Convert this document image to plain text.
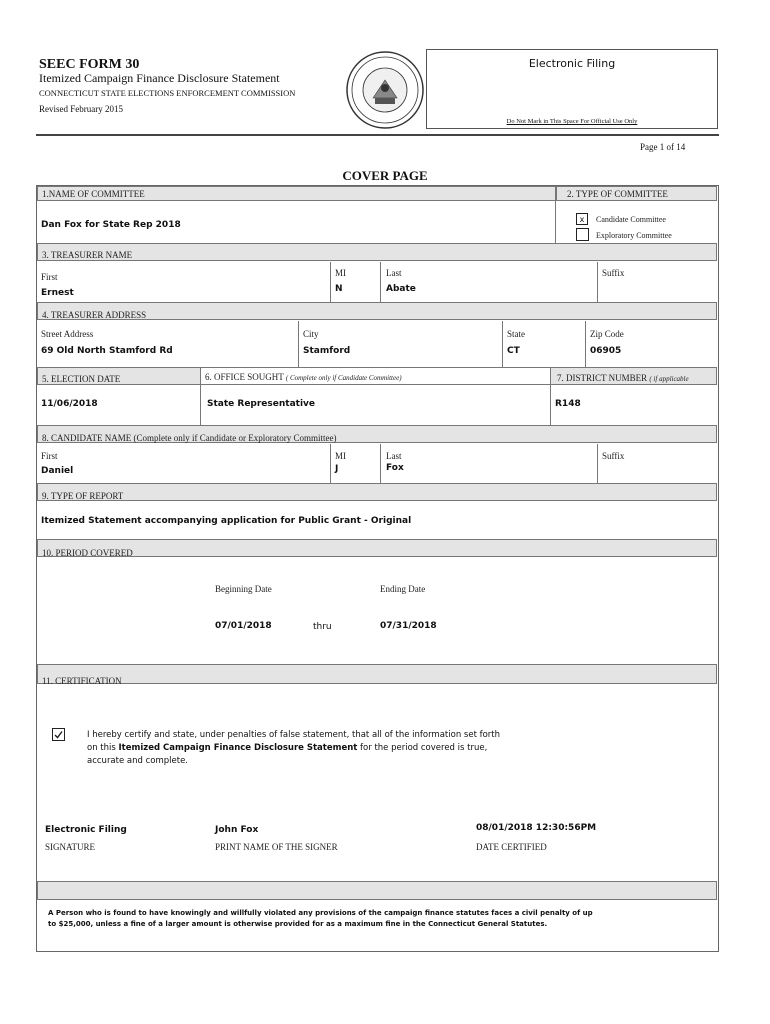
SEEC FORM 30
Itemized Campaign Finance Disclosure Statement
CONNECTICUT STATE ELECTIONS ENFORCEMENT COMMISSION
Revised February 2015
Electronic Filing
Do Not Mark in This Space For Official Use Only
Page 1 of 14
COVER PAGE
1.NAME OF COMMITTEE	2. TYPE OF COMMITTEE
Dan Fox for State Rep 2018
x	Candidate Committee
Exploratory Committee
3. TREASURER NAME
First
Ernest
MI
N
Last
Abate
Suffix
4. TREASURER ADDRESS
Street Address
69 Old North Stamford Rd
City
Stamford
State
CT
Zip Code
06905
5. ELECTION DATE	6. OFFICE SOUGHT ( Complete only if Candidate Committee)	7. DISTRICT NUMBER ( if applicable
11/06/2018	State Representative	R148
8. CANDIDATE NAME (Complete only if Candidate or Exploratory Committee)
First
Daniel
MI
J
Last
Fox
Suffix
9. TYPE OF REPORT
Itemized Statement accompanying application for Public Grant - Original
10. PERIOD COVERED
Beginning Date	Ending Date
07/01/2018	thru	07/31/2018
11. CERTIFICATION
I hereby certify and state, under penalties of false statement, that all of the information set forth
on this Itemized Campaign Finance Disclosure Statement for the period covered is true,
accurate and complete.
Electronic Filing
SIGNATURE
John Fox
PRINT NAME OF THE SIGNER
08/01/2018 12:30:56PM
DATE CERTIFIED
A Person who is found to have knowingly and willfully violated any provisions of the campaign finance statutes faces a civil penalty of up
to $25,000, unless a fine of a larger amount is otherwise provided for as a maximum fine in the Connecticut General Statutes.
